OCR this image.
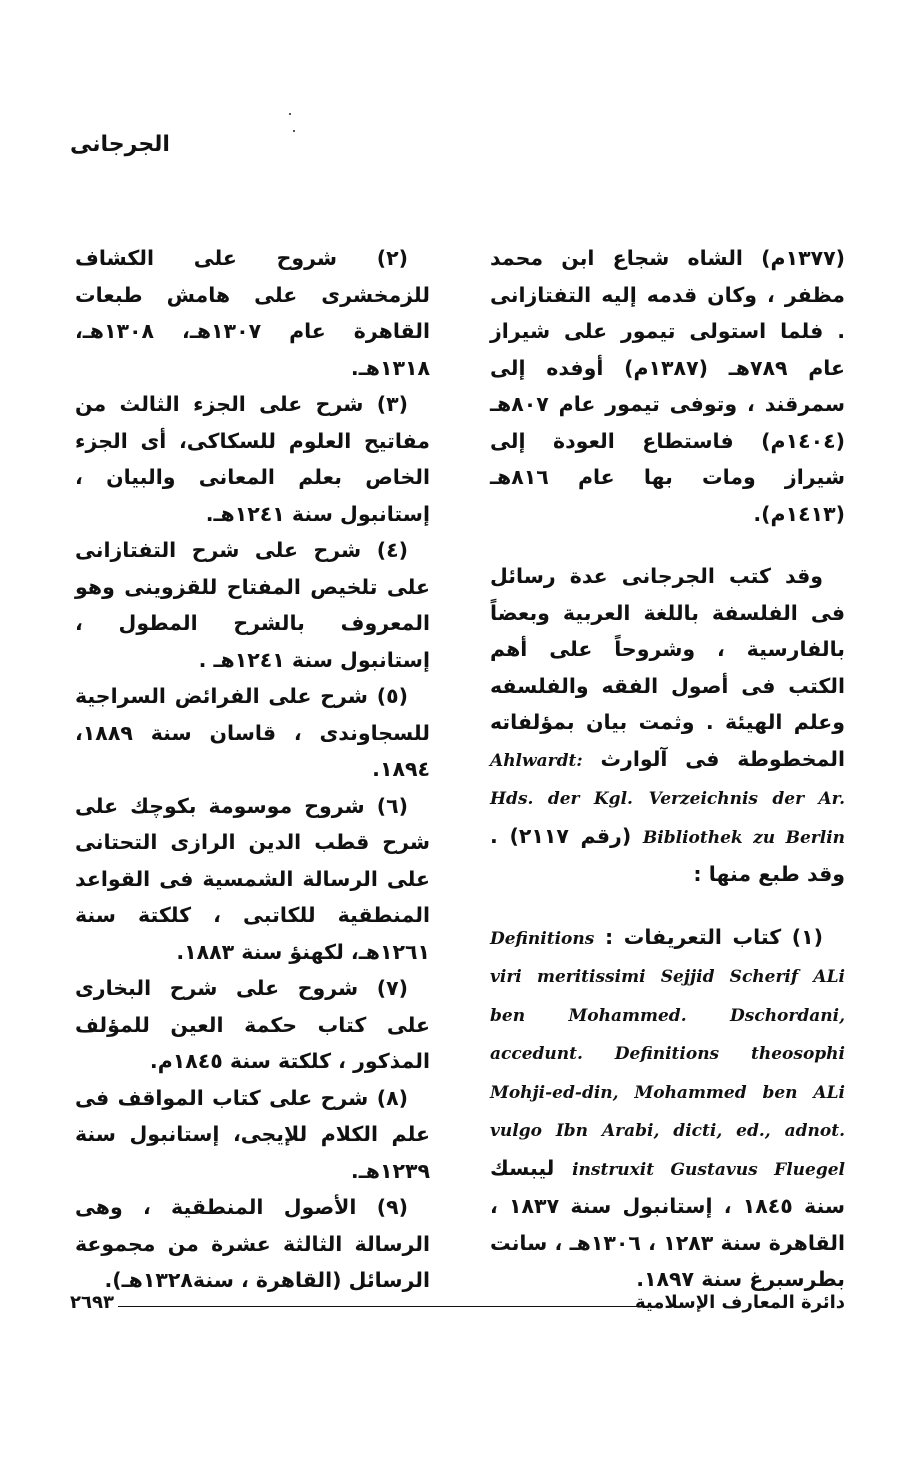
الجرجانى

(١٣٧٧م) الشاه شجاع ابن محمد مظفر ، وكان قدمه إليه التفتازانى . فلما استولى تيمور على شيراز عام ٧٨٩هـ (١٣٨٧م) أوفده إلى سمرقند ، وتوفى تيمور عام ٨٠٧هـ (١٤٠٤م) فاستطاع العودة إلى شيراز ومات بها عام ٨١٦هـ (١٤١٣م).

وقد كتب الجرجانى عدة رسائل فى الفلسفة باللغة العربية وبعضاً بالفارسية ، وشروحاً على أهم الكتب فى أصول الفقه والفلسفه وعلم الهيئة . وثمت بيان بمؤلفاته المخطوطة فى آلوارث Ahlwardt: Verzeichnis der Ar. Hds. der Kgl. Bibliothek zu Berlin (رقم ٢١١٧) . وقد طبع منها :

(١) كتاب التعريفات : Definitions viri meritissimi Sejjid Scherif ALi ben Mohammed. Dschordani, accedunt. Definitions theosophi Mohji-ed-din, Mohammed ben ALi vulgo Ibn Arabi, dicti, ed., adnot. instruxit Gustavus Fluegel ليبسك سنة ١٨٤٥ ، إستانبول سنة ١٨٣٧ ، القاهرة سنة ١٢٨٣ ، ١٣٠٦هـ ، سانت بطرسبرغ سنة ١٨٩٧.

(٢) شروح على الكشاف للزمخشرى على هامش طبعات القاهرة عام ١٣٠٧هـ، ١٣٠٨هـ، ١٣١٨هـ.

(٣) شرح على الجزء الثالث من مفاتيح العلوم للسكاكى، أى الجزء الخاص بعلم المعانى والبيان ، إستانبول سنة ١٢٤١هـ.

(٤) شرح على شرح التفتازانى على تلخيص المفتاح للقزوينى وهو المعروف بالشرح المطول ، إستانبول سنة ١٢٤١هـ .

(٥) شرح على الفرائض السراجية للسجاوندى ، قاسان سنة ١٨٨٩، ١٨٩٤.

(٦) شروح موسومة بكوچك على شرح قطب الدين الرازى التحتانى على الرسالة الشمسية فى القواعد المنطقية للكاتبى ، كلكتة سنة ١٢٦١هـ، لكهنؤ سنة ١٨٨٣.

(٧) شروح على شرح البخارى على كتاب حكمة العين للمؤلف المذكور ، كلكتة سنة ١٨٤٥م.

(٨) شرح على كتاب المواقف فى علم الكلام للإيجى، إستانبول سنة ١٢٣٩هـ.

(٩) الأصول المنطقية ، وهى الرسالة الثالثة عشرة من مجموعة الرسائل (القاهرة ، سنة١٣٢٨هـ).

دائرة المعارف الإسلامية
٢٦٩٣
